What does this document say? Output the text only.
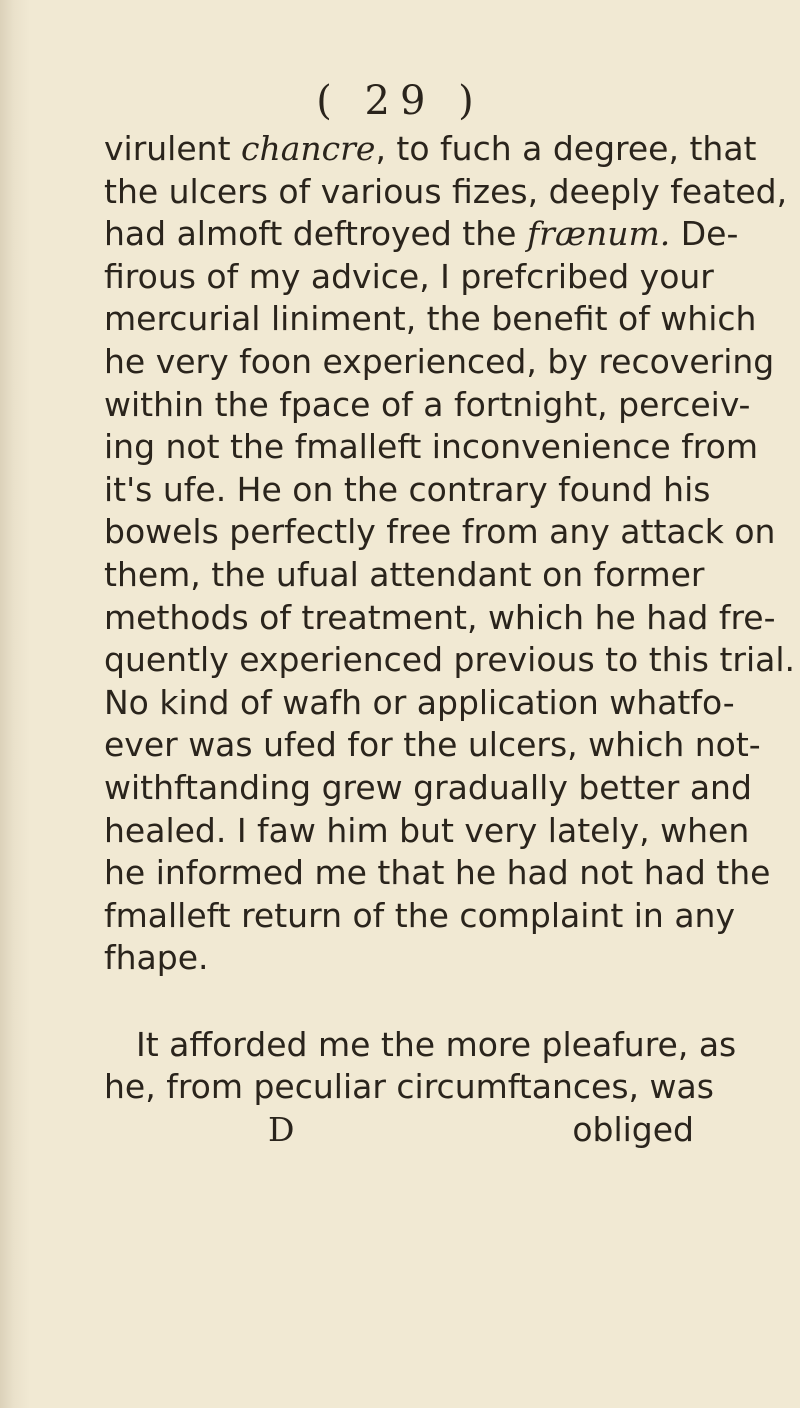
( 29 )
virulent chancre, to fuch a degree, that
the ulcers of various fizes, deeply feated,
had almoft deftroyed the frænum. De-
firous of my advice, I prefcribed your
mercurial liniment, the benefit of which
he very foon experienced, by recovering
within the fpace of a fortnight, perceiv-
ing not the fmalleft inconvenience from
it's ufe. He on the contrary found his
bowels perfectly free from any attack on
them, the ufual attendant on former
methods of treatment, which he had fre-
quently experienced previous to this trial.
No kind of wafh or application whatfo-
ever was ufed for the ulcers, which not-
withftanding grew gradually better and
healed. I faw him but very lately, when
he informed me that he had not had the
fmalleft return of the complaint in any
fhape.
It afforded me the more pleafure, as
he, from peculiar circumftances, was
D	obliged
